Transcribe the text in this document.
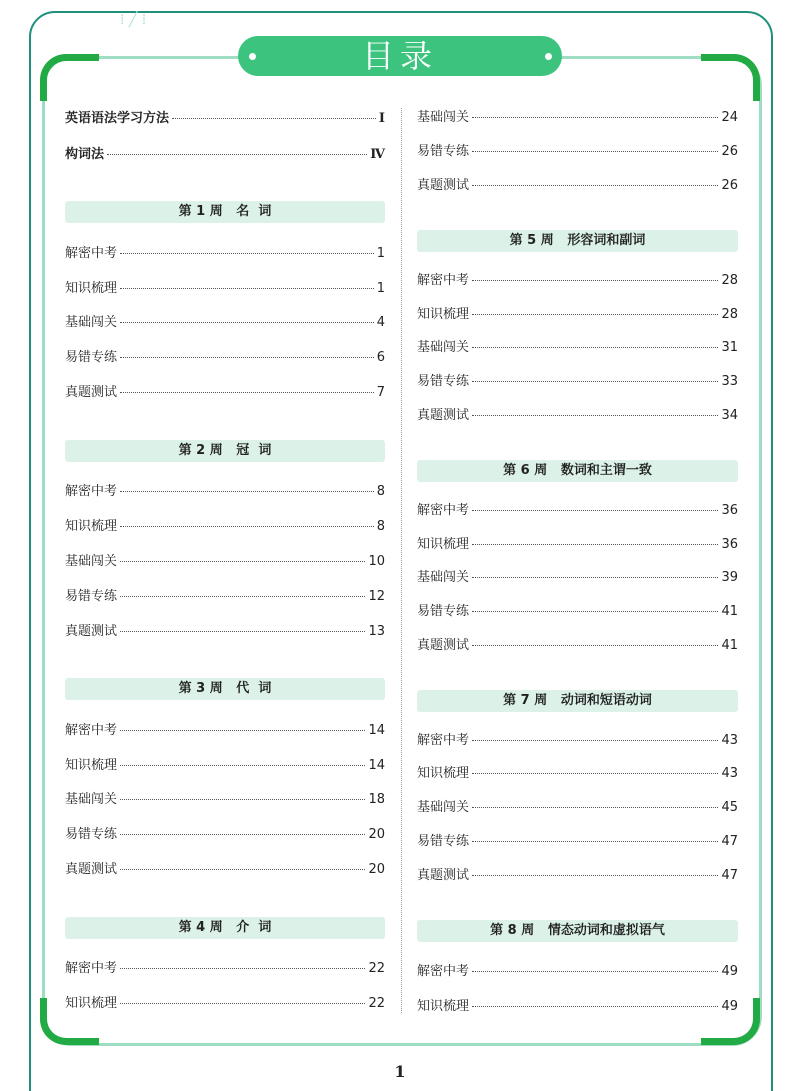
⁞ ╱ ⁞
目录
英语语法学习方法	I
构词法	Ⅳ
第 1 周   名  词
解密中考	1
知识梳理	1
基础闯关	4
易错专练	6
真题测试	7
第 2 周   冠  词
解密中考	8
知识梳理	8
基础闯关	10
易错专练	12
真题测试	13
第 3 周   代  词
解密中考	14
知识梳理	14
基础闯关	18
易错专练	20
真题测试	20
第 4 周   介  词
解密中考	22
知识梳理	22
基础闯关	24
易错专练	26
真题测试	26
第 5 周   形容词和副词
解密中考	28
知识梳理	28
基础闯关	31
易错专练	33
真题测试	34
第 6 周   数词和主谓一致
解密中考	36
知识梳理	36
基础闯关	39
易错专练	41
真题测试	41
第 7 周   动词和短语动词
解密中考	43
知识梳理	43
基础闯关	45
易错专练	47
真题测试	47
第 8 周   情态动词和虚拟语气
解密中考	49
知识梳理	49
1
